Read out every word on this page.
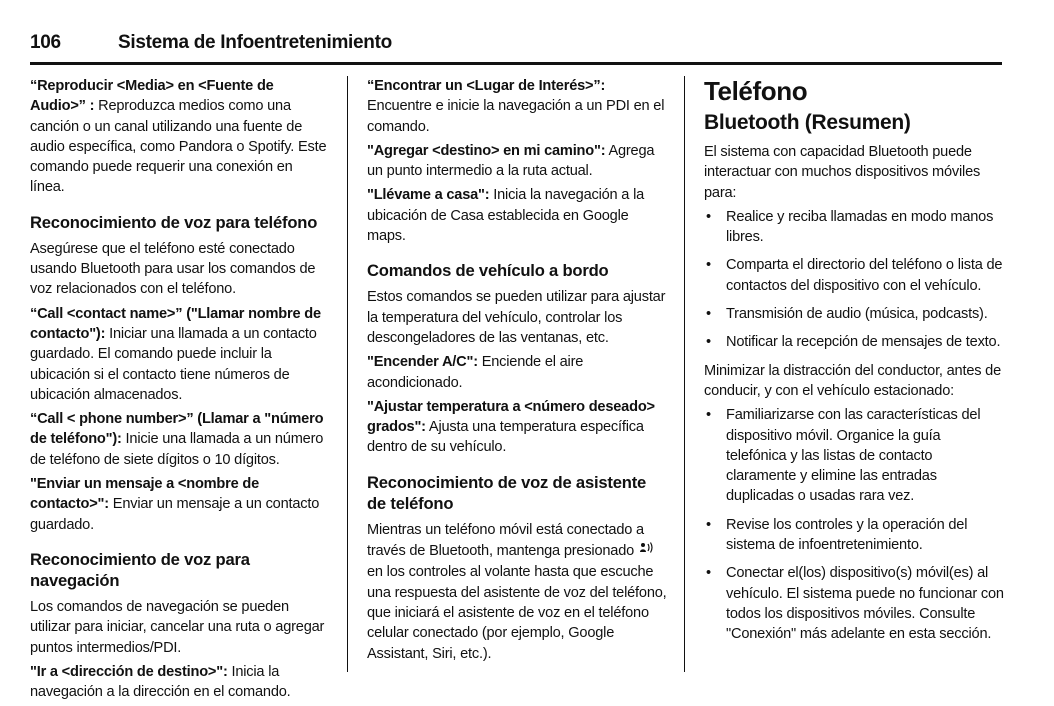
106	Sistema de Infoentretenimiento

“Reproducir <Media> en <Fuente de Audio>” : Reproduzca medios como una canción o un canal utilizando una fuente de audio específica, como Pandora o Spotify. Este comando puede requerir una conexión en línea.

Reconocimiento de voz para teléfono

Asegúrese que el teléfono esté conectado usando Bluetooth para usar los comandos de voz relacionados con el teléfono.

“Call <contact name>” ("Llamar nombre de contacto"): Iniciar una llamada a un contacto guardado. El comando puede incluir la ubicación si el contacto tiene números de ubicación almacenados.

“Call < phone number>” (Llamar a "número de teléfono"): Inicie una llamada a un número de teléfono de siete dígitos o 10 dígitos.

"Enviar un mensaje a <nombre de contacto>": Enviar un mensaje a un contacto guardado.

Reconocimiento de voz para navegación

Los comandos de navegación se pueden utilizar para iniciar, cancelar una ruta o agregar puntos intermedios/PDI.

"Ir a <dirección de destino>": Inicia la navegación a la dirección en el comando.

“Encontrar un <Lugar de Interés>”: Encuentre e inicie la navegación a un PDI en el comando.

"Agregar <destino> en mi camino": Agrega un punto intermedio a la ruta actual.

"Llévame a casa": Inicia la navegación a la ubicación de Casa establecida en Google maps.

Comandos de vehículo a bordo

Estos comandos se pueden utilizar para ajustar la temperatura del vehículo, controlar los descongeladores de las ventanas, etc.

"Encender A/C": Enciende el aire acondicionado.

"Ajustar temperatura a <número deseado> grados": Ajusta una temperatura específica dentro de su vehículo.

Reconocimiento de voz de asistente de teléfono

Mientras un teléfono móvil está conectado a través de Bluetooth, mantenga presionado  en los controles al volante hasta que escuche una respuesta del asistente de voz del teléfono, que iniciará el asistente de voz en el teléfono celular conectado (por ejemplo, Google Assistant, Siri, etc.).

Teléfono
Bluetooth (Resumen)

El sistema con capacidad Bluetooth puede interactuar con muchos dispositivos móviles para:

• Realice y reciba llamadas en modo manos libres.
• Comparta el directorio del teléfono o lista de contactos del dispositivo con el vehículo.
• Transmisión de audio (música, podcasts).
• Notificar la recepción de mensajes de texto.

Minimizar la distracción del conductor, antes de conducir, y con el vehículo estacionado:

• Familiarizarse con las características del dispositivo móvil. Organice la guía telefónica y las listas de contacto claramente y elimine las entradas duplicadas o usadas rara vez.
• Revise los controles y la operación del sistema de infoentretenimiento.
• Conectar el(los) dispositivo(s) móvil(es) al vehículo. El sistema puede no funcionar con todos los dispositivos móviles. Consulte "Conexión" más adelante en esta sección.
